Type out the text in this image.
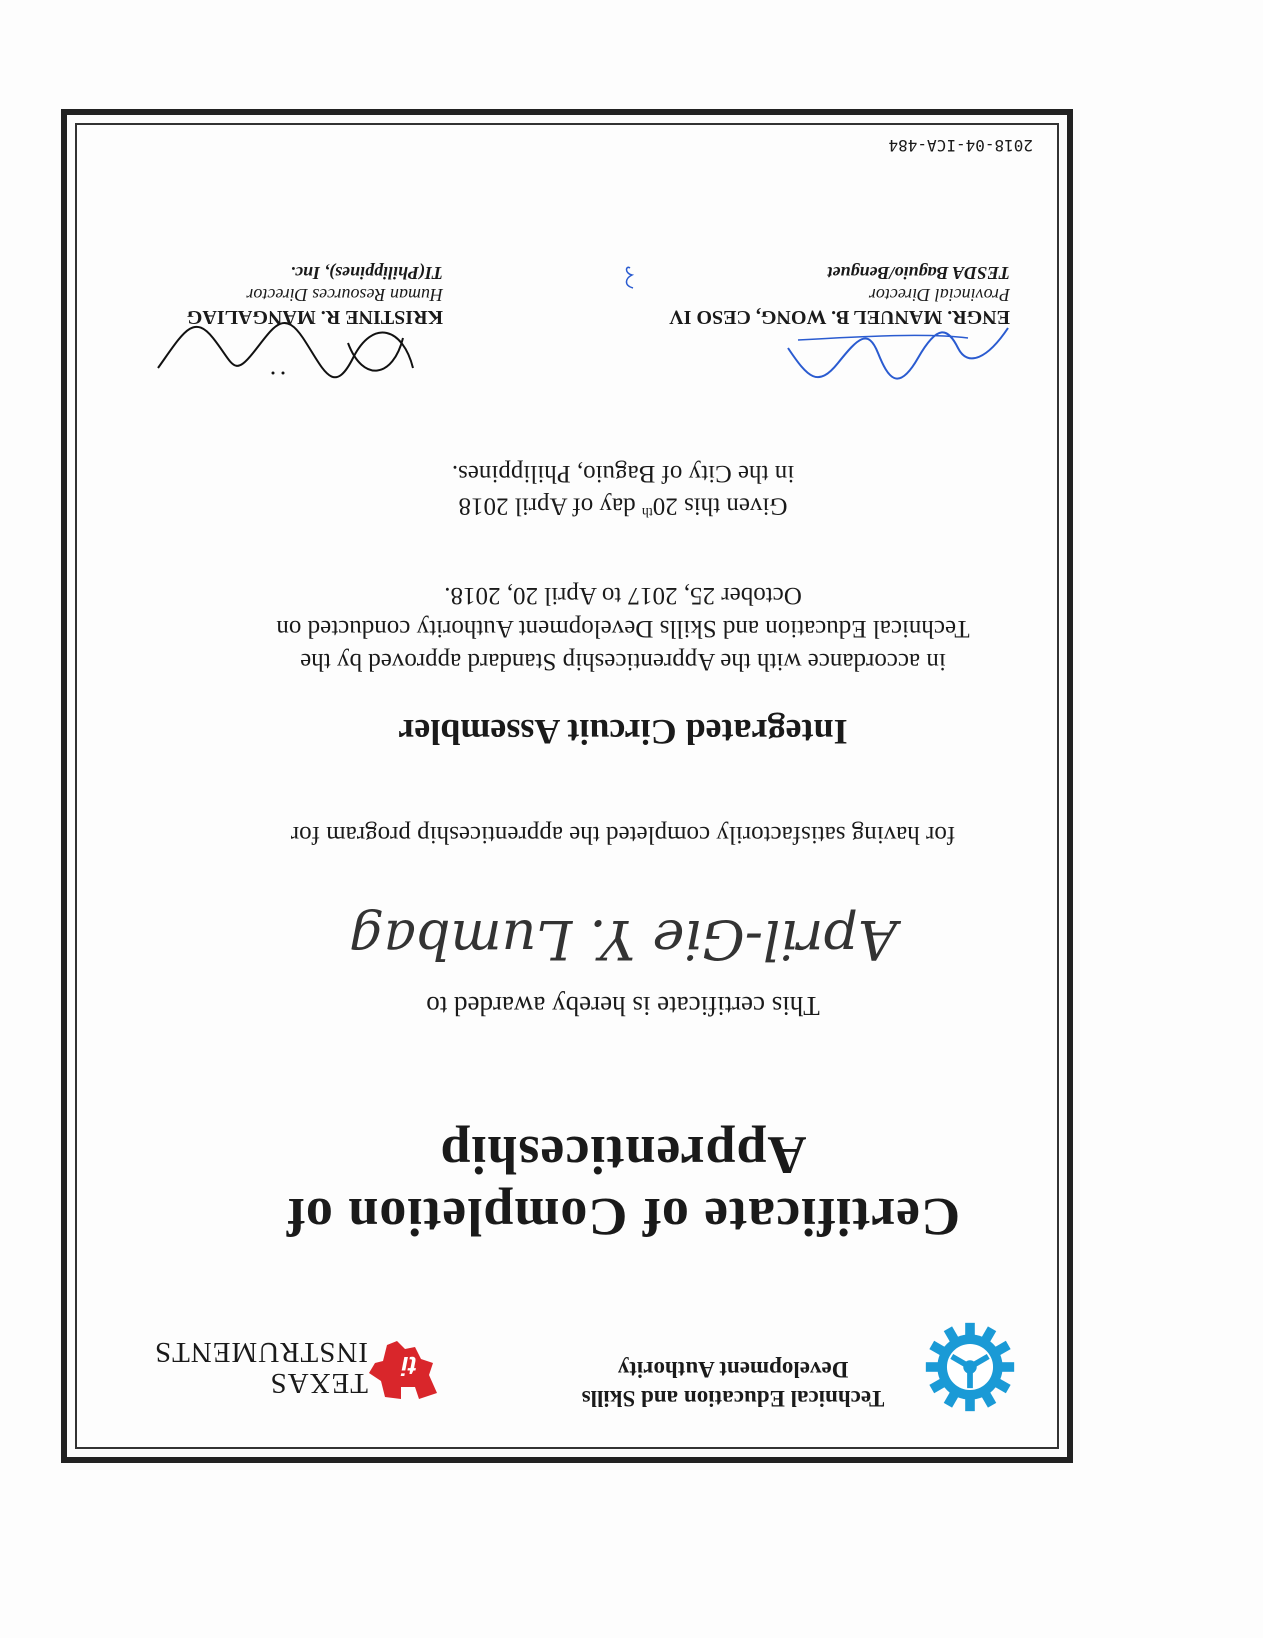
Technical Education and Skills
Development Authority
ti
TEXAS
INSTRUMENTS
Certificate of Completion of
Apprenticeship
This certificate is hereby awarded to
April-Gie Y. Lumbag
for having satisfactorily completed the apprenticeship program for
Integrated Circuit Assembler
in accordance with the Apprenticeship Standard approved by the
Technical Education and Skills Development Authority conducted on
October 25, 2017 to April 20, 2018.
Given this 20th day of April 2018
in the City of Baguio, Philippines.
ENGR. MANUEL B. WONG, CESO IV
Provincial Director
TESDA Baguio/Benguet
KRISTINE R. MANGALIAG
Human Resources Director
TI(Philippines), Inc.
2018-04-ICA-484
